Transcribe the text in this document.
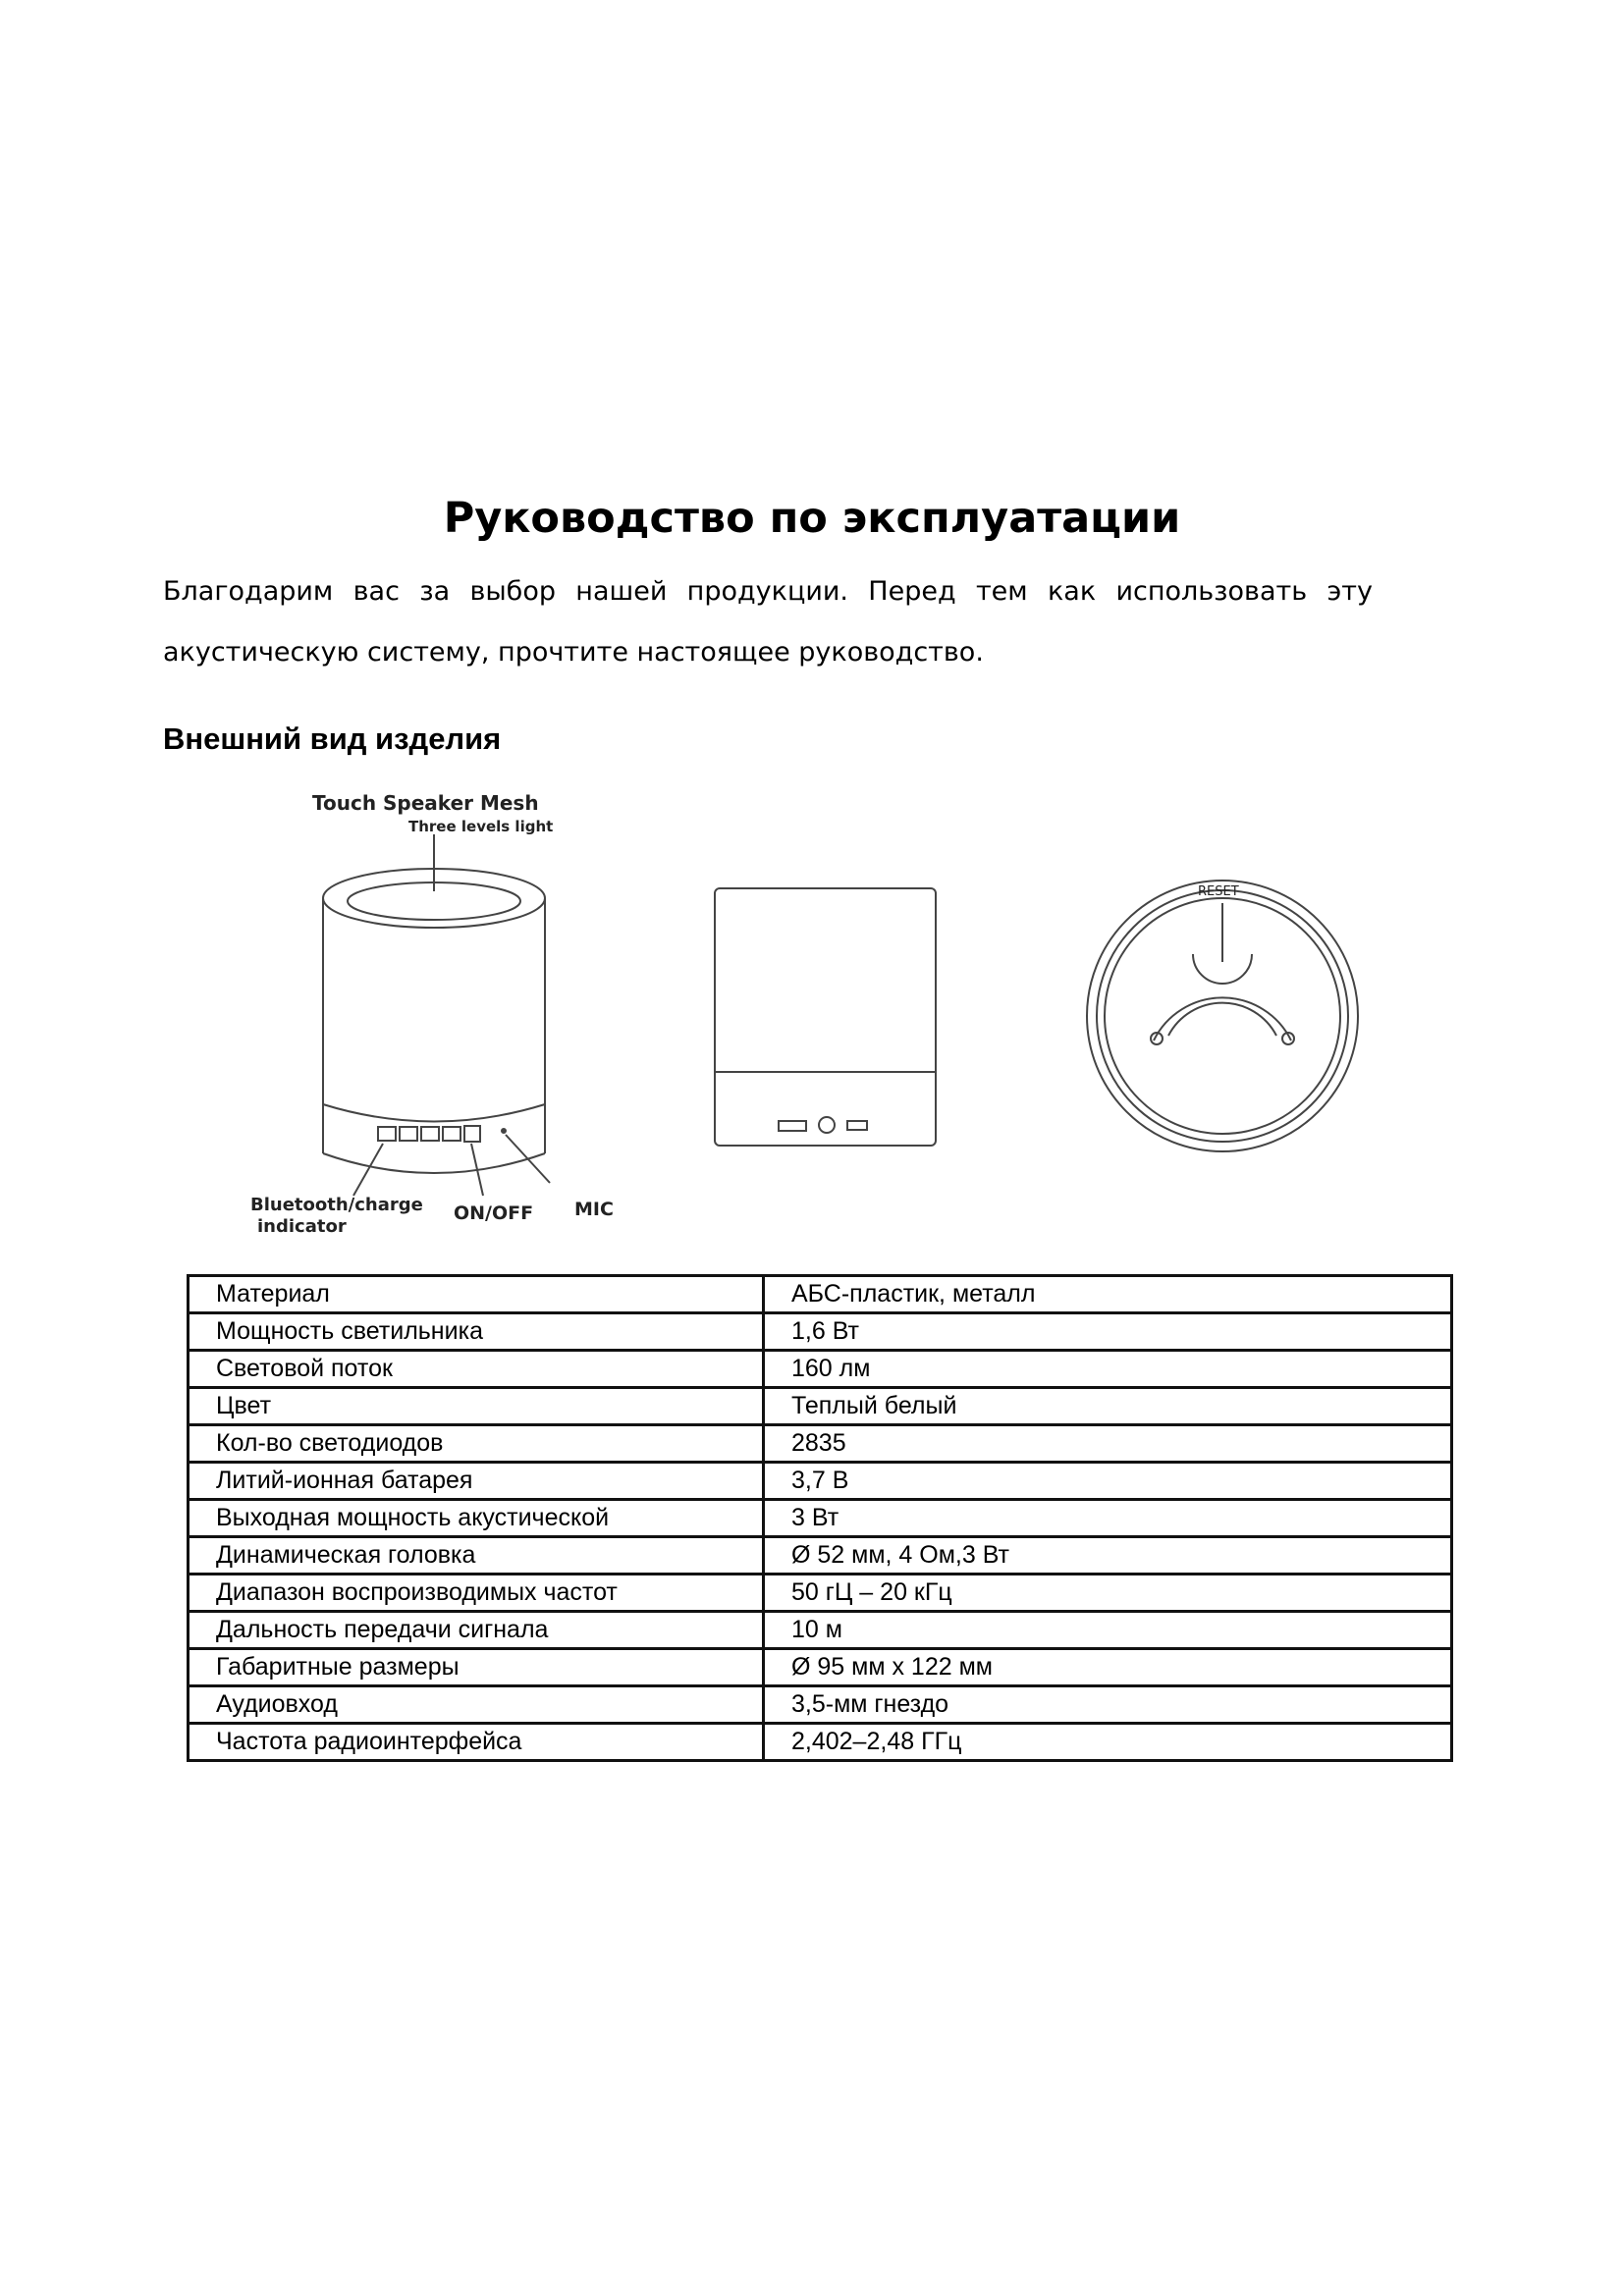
Руководство по эксплуатации
Благодарим вас за выбор нашей продукции. Перед тем как использовать эту
акустическую систему, прочтите настоящее руководство.
Внешний вид изделия
Touch Speaker Mesh
Three levels light
Bluetooth/charge
indicator
ON/OFF MIC
RESET
Материал	АБС-пластик, металл
Мощность светильника	1,6 Вт
Световой поток	160 лм
Цвет	Теплый белый
Кол-во светодиодов	2835
Литий-ионная батарея	3,7 В
Выходная мощность акустической	3 Вт
Динамическая головка	Ø 52 мм, 4 Ом,3 Вт
Диапазон воспроизводимых частот	50 гЦ – 20 кГц
Дальность передачи сигнала	10 м
Габаритные размеры	Ø 95 мм х 122 мм
Аудиовход	3,5-мм гнездо
Частота радиоинтерфейса	2,402–2,48 ГГц
